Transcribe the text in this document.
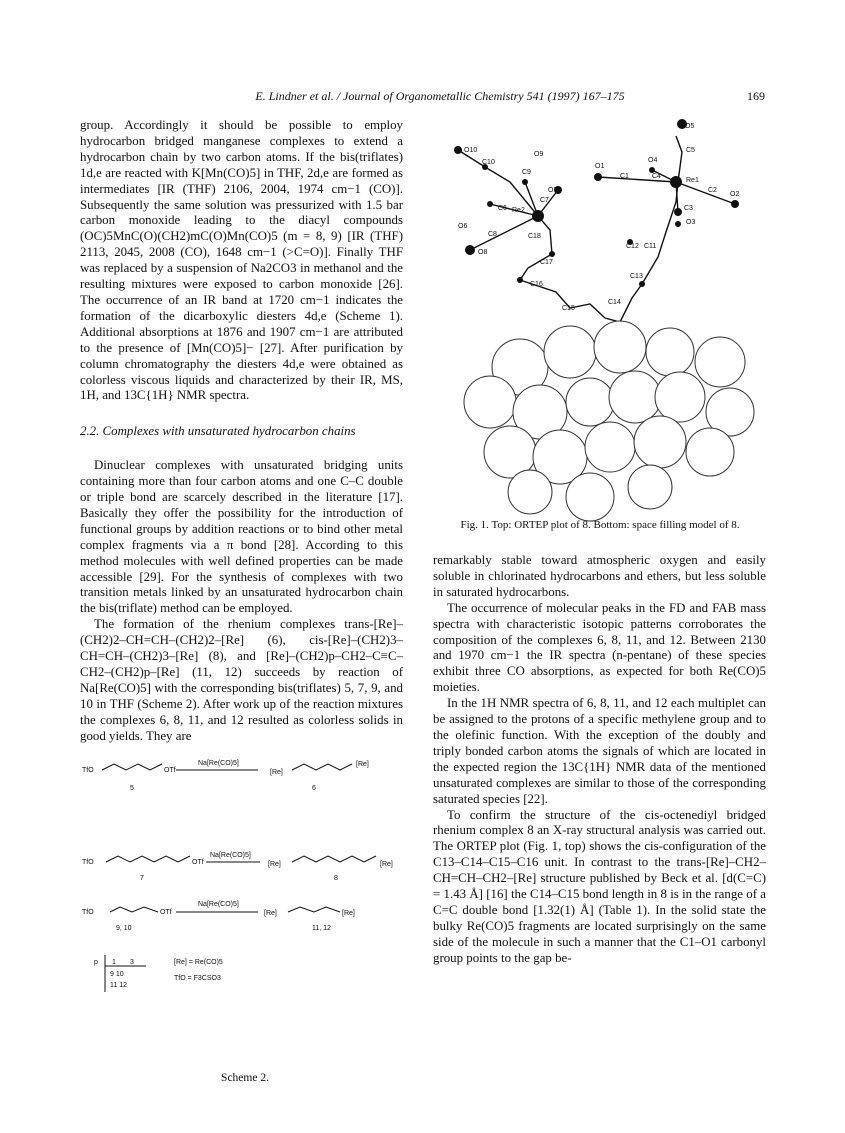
E. Lindner et al. / Journal of Organometallic Chemistry 541 (1997) 167–175	169

group. Accordingly it should be possible to employ hydrocarbon bridged manganese complexes to extend a hydrocarbon chain by two carbon atoms. If the bis(triflates) 1d,e are reacted with K[Mn(CO)5] in THF, 2d,e are formed as intermediates [IR (THF) 2106, 2004, 1974 cm−1 (CO)]. Subsequently the same solution was pressurized with 1.5 bar carbon monoxide leading to the diacyl compounds (OC)5MnC(O)(CH2)mC(O)Mn(CO)5 (m = 8, 9) [IR (THF) 2113, 2045, 2008 (CO), 1648 cm−1 (>C=O)]. Finally THF was replaced by a suspension of Na2CO3 in methanol and the resulting mixtures were exposed to carbon monoxide [26]. The occurrence of an IR band at 1720 cm−1 indicates the formation of the dicarboxylic diesters 4d,e (Scheme 1). Additional absorptions at 1876 and 1907 cm−1 are attributed to the presence of [Mn(CO)5]− [27]. After purification by column chromatography the diesters 4d,e were obtained as colorless viscous liquids and characterized by their IR, MS, 1H, and 13C{1H} NMR spectra.

2.2. Complexes with unsaturated hydrocarbon chains

Dinuclear complexes with unsaturated bridging units containing more than four carbon atoms and one C–C double or triple bond are scarcely described in the literature [17]. Basically they offer the possibility for the introduction of functional groups by addition reactions or to bind other metal complex fragments via a π bond [28]. According to this method molecules with well defined properties can be made accessible [29]. For the synthesis of complexes with two transition metals linked by an unsaturated hydrocarbon chain the bis(triflate) method can be employed.

The formation of the rhenium complexes trans-[Re]–(CH2)2–CH=CH–(CH2)2–[Re] (6), cis-[Re]–(CH2)3–CH=CH–(CH2)3–[Re] (8), and [Re]–(CH2)p–CH2–C≡C–CH2–(CH2)p–[Re] (11, 12) succeeds by reaction of Na[Re(CO)5] with the corresponding bis(triflates) 5, 7, 9, and 10 in THF (Scheme 2). After work up of the reaction mixtures the complexes 6, 8, 11, and 12 resulted as colorless solids in good yields. They are

O5
C5
O10
C10
C9
O9
O1
C1
O4
C4
Re1
C2
O2
C3
O3
Re2
C6
O6
C7
O7
C8
O8
C18
C17
C16
C15
C14
C13
C12 C11
Fig. 1. Top: ORTEP plot of 8. Bottom: space filling model of 8.

remarkably stable toward atmospheric oxygen and easily soluble in chlorinated hydrocarbons and ethers, but less soluble in saturated hydrocarbons.

The occurrence of molecular peaks in the FD and FAB mass spectra with characteristic isotopic patterns corroborates the composition of the complexes 6, 8, 11, and 12. Between 2130 and 1970 cm−1 the IR spectra (n-pentane) of these species exhibit three CO absorptions, as expected for both Re(CO)5 moieties.

In the 1H NMR spectra of 6, 8, 11, and 12 each multiplet can be assigned to the protons of a specific methylene group and to the olefinic function. With the exception of the doubly and triply bonded carbon atoms the signals of which are located in the expected region the 13C{1H} NMR data of the mentioned unsaturated complexes are similar to those of the corresponding saturated species [22].

To confirm the structure of the cis-octenediyl bridged rhenium complex 8 an X-ray structural analysis was carried out. The ORTEP plot (Fig. 1, top) shows the cis-configuration of the C13–C14–C15–C16 unit. In contrast to the trans-[Re]–CH2–CH=CH–CH2–[Re] structure published by Beck et al. [d(C=C) = 1.43 Å] [16] the C14–C15 bond length in 8 is in the range of a C=C double bond [1.32(1) Å] (Table 1). In the solid state the bulky Re(CO)5 fragments are located surprisingly on the same side of the molecule in such a manner that the C1–O1 carbonyl group points to the gap be-

TfO	OTf
Na[Re(CO)5]
[Re]
[Re]
5	6
TfO	OTf
Na[Re(CO)5]
[Re]	[Re]
7	8
TfO	OTf
Na[Re(CO)5]
[Re]	[Re]
9, 10	11, 12
p 1 3
9 10
11 12
[Re] = Re(CO)5
TfO = F3CSO3
Scheme 2.
